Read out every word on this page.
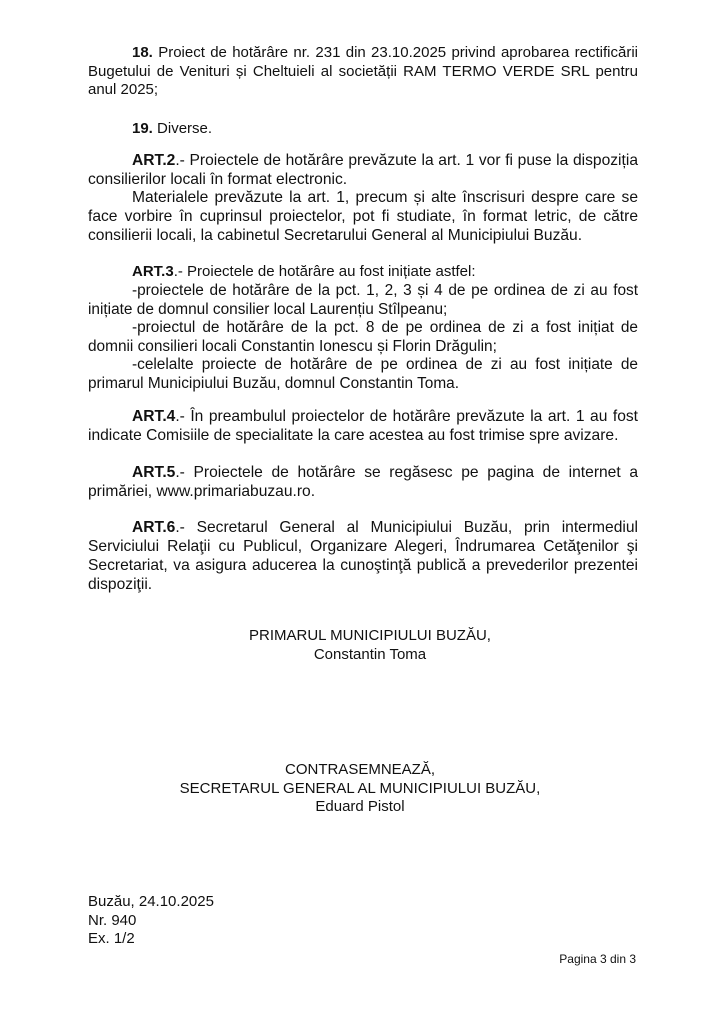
18. Proiect de hotărâre nr. 231 din 23.10.2025 privind aprobarea rectificării Bugetului de Venituri și Cheltuieli al societății RAM TERMO VERDE SRL pentru anul 2025;
19. Diverse.
ART.2.- Proiectele de hotărâre prevăzute la art. 1 vor fi puse la dispoziția consilierilor locali în format electronic.
Materialele prevăzute la art. 1, precum și alte înscrisuri despre care se face vorbire în cuprinsul proiectelor, pot fi studiate, în format letric, de către consilierii locali, la cabinetul Secretarului General al Municipiului Buzău.
ART.3.- Proiectele de hotărâre au fost inițiate astfel:
-proiectele de hotărâre de la pct. 1, 2, 3 și 4 de pe ordinea de zi au fost inițiate de domnul consilier local Laurențiu Stîlpeanu;
-proiectul de hotărâre de la pct. 8 de pe ordinea de zi a fost inițiat de domnii consilieri locali Constantin Ionescu și Florin Drăgulin;
-celelalte proiecte de hotărâre de pe ordinea de zi au fost inițiate de primarul Municipiului Buzău, domnul Constantin Toma.
ART.4.- În preambulul proiectelor de hotărâre prevăzute la art. 1 au fost indicate Comisiile de specialitate la care acestea au fost trimise spre avizare.
ART.5.- Proiectele de hotărâre se regăsesc pe pagina de internet a primăriei, www.primariabuzau.ro.
ART.6.- Secretarul General al Municipiului Buzău, prin intermediul Serviciului Relaţii cu Publicul, Organizare Alegeri, Îndrumarea Cetăţenilor şi Secretariat, va asigura aducerea la cunoştinţă publică a prevederilor prezentei dispoziţii.
PRIMARUL MUNICIPIULUI BUZĂU,
Constantin Toma
CONTRASEMNEAZĂ,
SECRETARUL GENERAL AL MUNICIPIULUI BUZĂU,
Eduard Pistol
Buzău, 24.10.2025
Nr. 940
Ex. 1/2
Pagina 3 din 3
